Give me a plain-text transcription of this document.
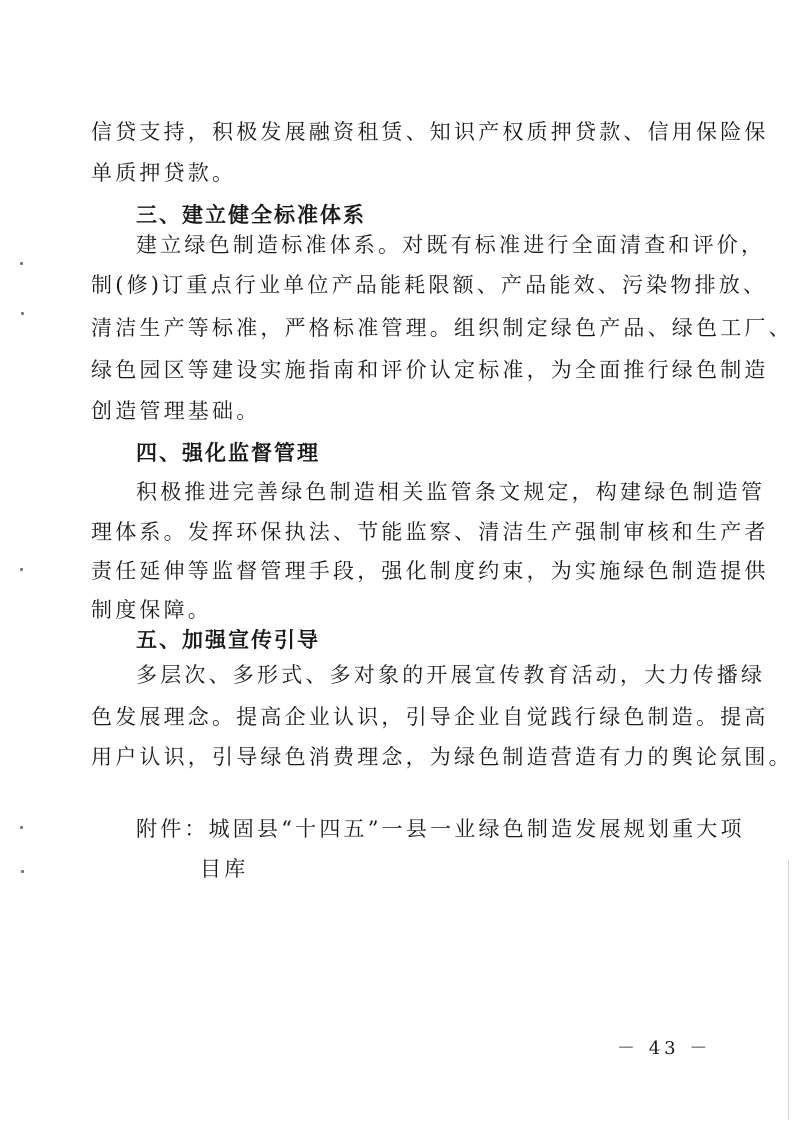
信贷支持，积极发展融资租赁、知识产权质押贷款、信用保险保
单质押贷款。
三、建立健全标准体系
建立绿色制造标准体系。对既有标准进行全面清查和评价，
制(修)订重点行业单位产品能耗限额、产品能效、污染物排放、
清洁生产等标准，严格标准管理。组织制定绿色产品、绿色工厂、
绿色园区等建设实施指南和评价认定标准，为全面推行绿色制造
创造管理基础。
四、强化监督管理
积极推进完善绿色制造相关监管条文规定，构建绿色制造管
理体系。发挥环保执法、节能监察、清洁生产强制审核和生产者
责任延伸等监督管理手段，强化制度约束，为实施绿色制造提供
制度保障。
五、加强宣传引导
多层次、多形式、多对象的开展宣传教育活动，大力传播绿
色发展理念。提高企业认识，引导企业自觉践行绿色制造。提高
用户认识，引导绿色消费理念，为绿色制造营造有力的舆论氛围。
附件：城固县“十四五”一县一业绿色制造发展规划重大项
目库
－ 43 －
